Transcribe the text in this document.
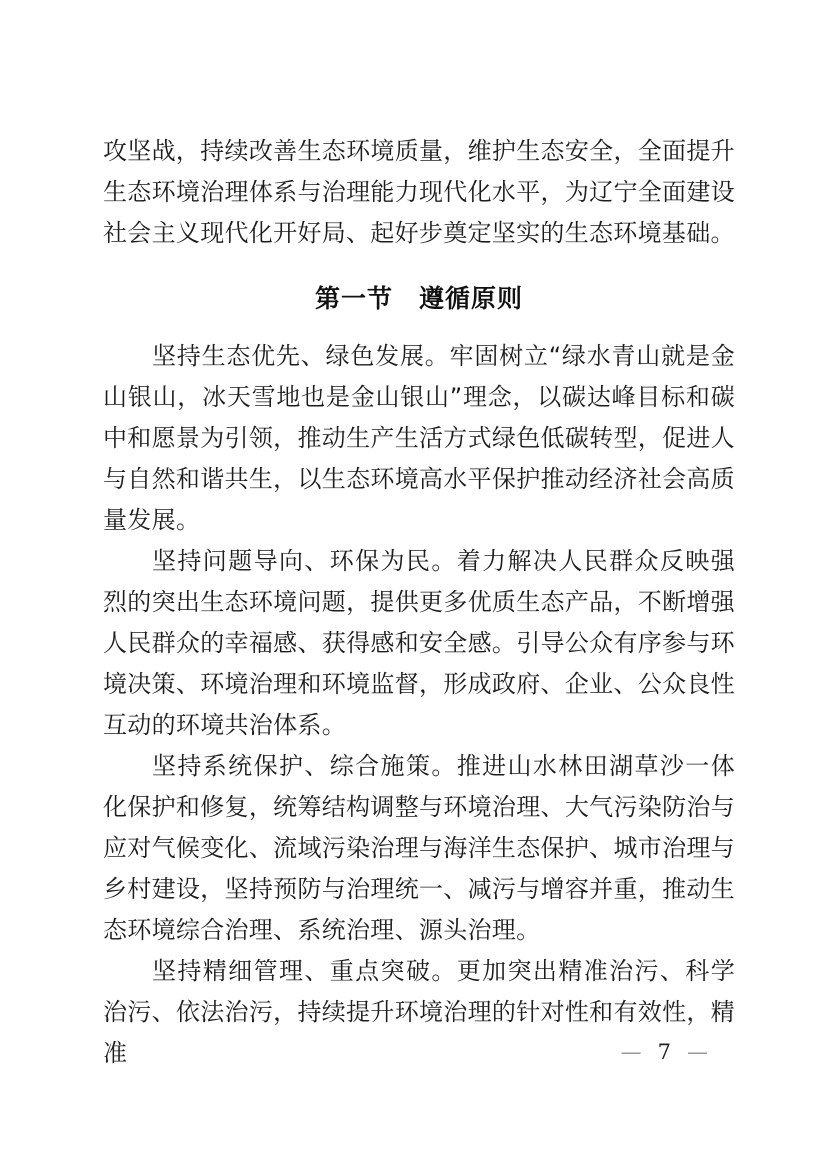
攻坚战，持续改善生态环境质量，维护生态安全，全面提升生态环境治理体系与治理能力现代化水平，为辽宁全面建设社会主义现代化开好局、起好步奠定坚实的生态环境基础。

第一节　遵循原则

坚持生态优先、绿色发展。牢固树立“绿水青山就是金山银山，冰天雪地也是金山银山”理念，以碳达峰目标和碳中和愿景为引领，推动生产生活方式绿色低碳转型，促进人与自然和谐共生，以生态环境高水平保护推动经济社会高质量发展。

坚持问题导向、环保为民。着力解决人民群众反映强烈的突出生态环境问题，提供更多优质生态产品，不断增强人民群众的幸福感、获得感和安全感。引导公众有序参与环境决策、环境治理和环境监督，形成政府、企业、公众良性互动的环境共治体系。

坚持系统保护、综合施策。推进山水林田湖草沙一体化保护和修复，统筹结构调整与环境治理、大气污染防治与应对气候变化、流域污染治理与海洋生态保护、城市治理与乡村建设，坚持预防与治理统一、减污与增容并重，推动生态环境综合治理、系统治理、源头治理。

坚持精细管理、重点突破。更加突出精准治污、科学治污、依法治污，持续提升环境治理的针对性和有效性，精准	— 7 —
